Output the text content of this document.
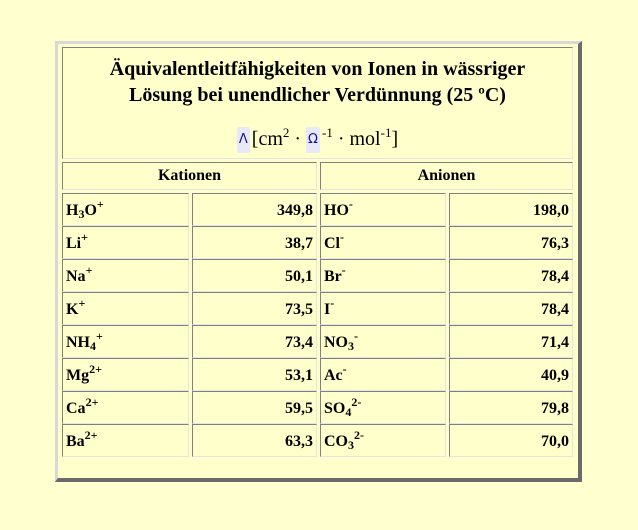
Äquivalentleitfähigkeiten von Ionen in wässriger
Lösung bei unendlicher Verdünnung (25 ºC)
Λ [$cm^2 \cdot \Omega$ $^{-1}$ · mol$^{-1}$]
Kationen	Anionen
$H_3O^+$	349,8 HO-	198,0
Li+	38,7 Cl-	76,3
Na+	50,1 Br-	78,4
K+	73,5 I-	78,4
$NH_4^+$	73,4 $NO_3^-$	71,4
$Mg^{2+}$	53,1 Ac-	40,9
$Ca^{2+}$	59,5 $SO_4^{2-}$	79,8
$Ba^{2+}$	63,3 $CO_3^{2-}$	70,0
